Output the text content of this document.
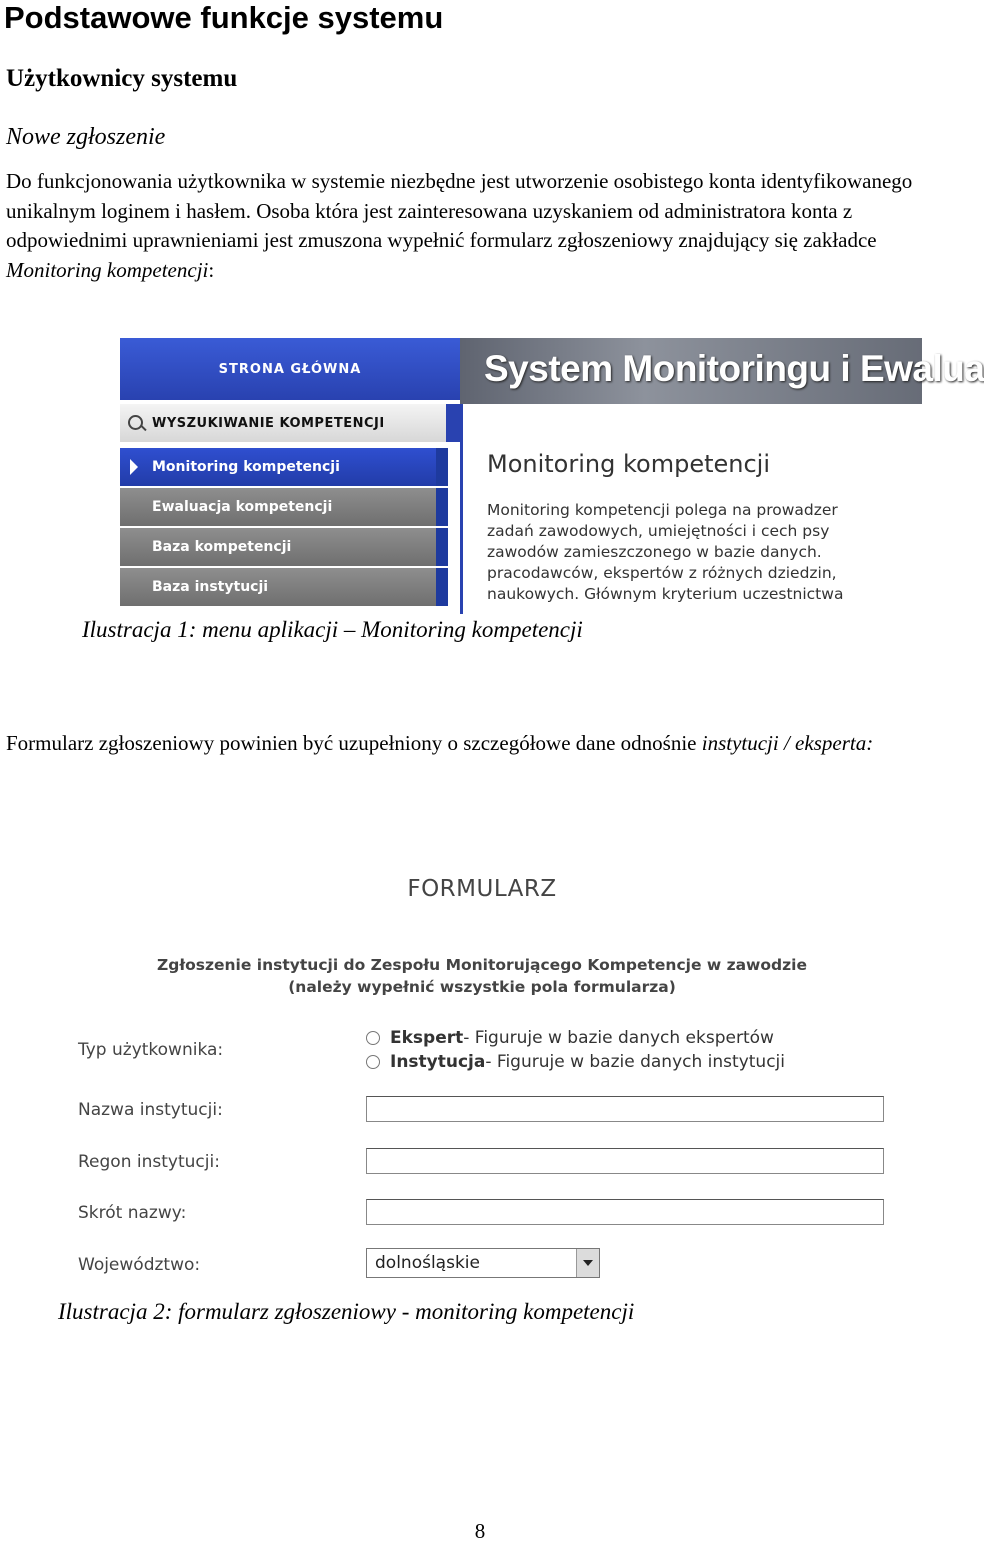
Podstawowe funkcje systemu
Użytkownicy systemu
Nowe zgłoszenie
Do funkcjonowania użytkownika w systemie niezbędne jest utworzenie osobistego konta identyfikowanego unikalnym loginem i hasłem. Osoba która jest zainteresowana uzyskaniem od administratora konta z odpowiednimi uprawnieniami jest zmuszona wypełnić formularz zgłoszeniowy znajdujący się zakładce Monitoring kompetencji:
STRONA GŁÓWNA
WYSZUKIWANIE KOMPETENCJI
Monitoring kompetencji
Ewaluacja kompetencji
Baza kompetencji
Baza instytucji
System Monitoringu i Ewalua
Monitoring kompetencji
Monitoring kompetencji polega na prowadzer
zadań zawodowych, umiejętności i cech psy
zawodów zamieszczonego w bazie danych.
pracodawców, ekspertów z różnych dziedzin,
naukowych. Głównym kryterium uczestnictwa
Ilustracja 1: menu aplikacji – Monitoring kompetencji
Formularz zgłoszeniowy powinien być uzupełniony o szczegółowe dane odnośnie instytucji / eksperta:
FORMULARZ
Zgłoszenie instytucji do Zespołu Monitorującego Kompetencje w zawodzie
(należy wypełnić wszystkie pola formularza)
Typ użytkownika:
Ekspert - Figuruje w bazie danych ekspertów
Instytucja - Figuruje w bazie danych instytucji
Nazwa instytucji:
Regon instytucji:
Skrót nazwy:
Województwo:	dolnośląskie
Ilustracja 2: formularz zgłoszeniowy - monitoring kompetencji
8
